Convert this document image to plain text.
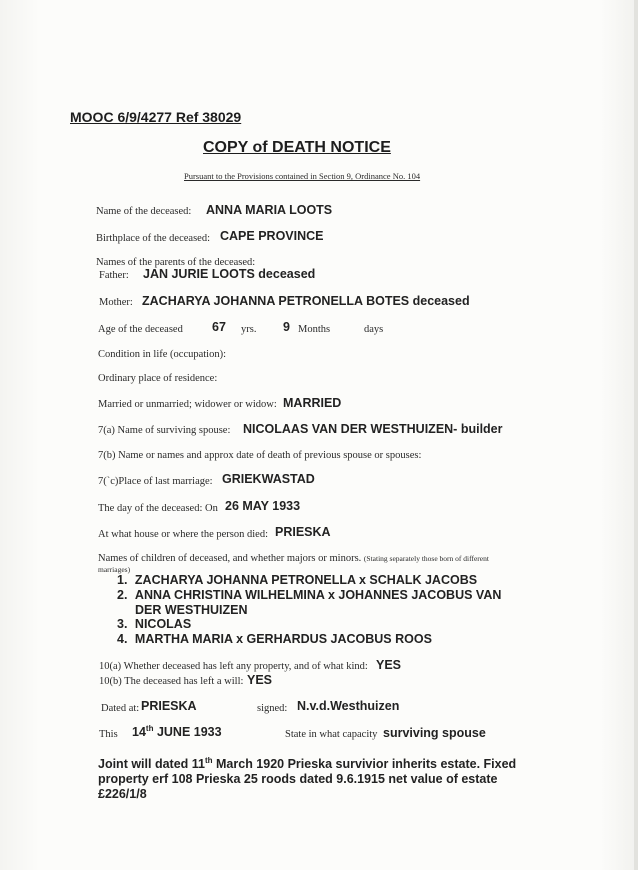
MOOC 6/9/4277 Ref 38029
COPY of DEATH NOTICE
Pursuant to the Provisions contained in Section 9, Ordinance No. 104
Name of the deceased: ANNA MARIA LOOTS
Birthplace of the deceased: CAPE PROVINCE
Names of the parents of the deceased:
Father: JAN JURIE LOOTS deceased
Mother: ZACHARYA JOHANNA PETRONELLA BOTES deceased
Age of the deceased 67 yrs. 9 Months	days
Condition in life (occupation):
Ordinary place of residence:
Married or unmarried; widower or widow: MARRIED
7(a) Name of surviving spouse: NICOLAAS VAN DER WESTHUIZEN- builder
7(b) Name or names and approx date of death of previous spouse or spouses:
7(`c)Place of last marriage: GRIEKWASTAD
The day of the deceased: On 26 MAY 1933
At what house or where the person died: PRIESKA
Names of children of deceased, and whether majors or minors. (Stating separately those born of different
marriages)
1. ZACHARYA JOHANNA PETRONELLA x SCHALK JACOBS
2. ANNA CHRISTINA WILHELMINA x JOHANNES JACOBUS VAN
DER WESTHUIZEN
3. NICOLAS
4. MARTHA MARIA x GERHARDUS JACOBUS ROOS
10(a) Whether deceased has left any property, and of what kind: YES
10(b) The deceased has left a will: YES
Dated at: PRIESKA	signed: N.v.d.Westhuizen
This 14th JUNE 1933	State in what capacity surviving spouse
Joint will dated 11th March 1920 Prieska survivior inherits estate. Fixed
property erf 108 Prieska 25 roods dated 9.6.1915 net value of estate
£226/1/8
